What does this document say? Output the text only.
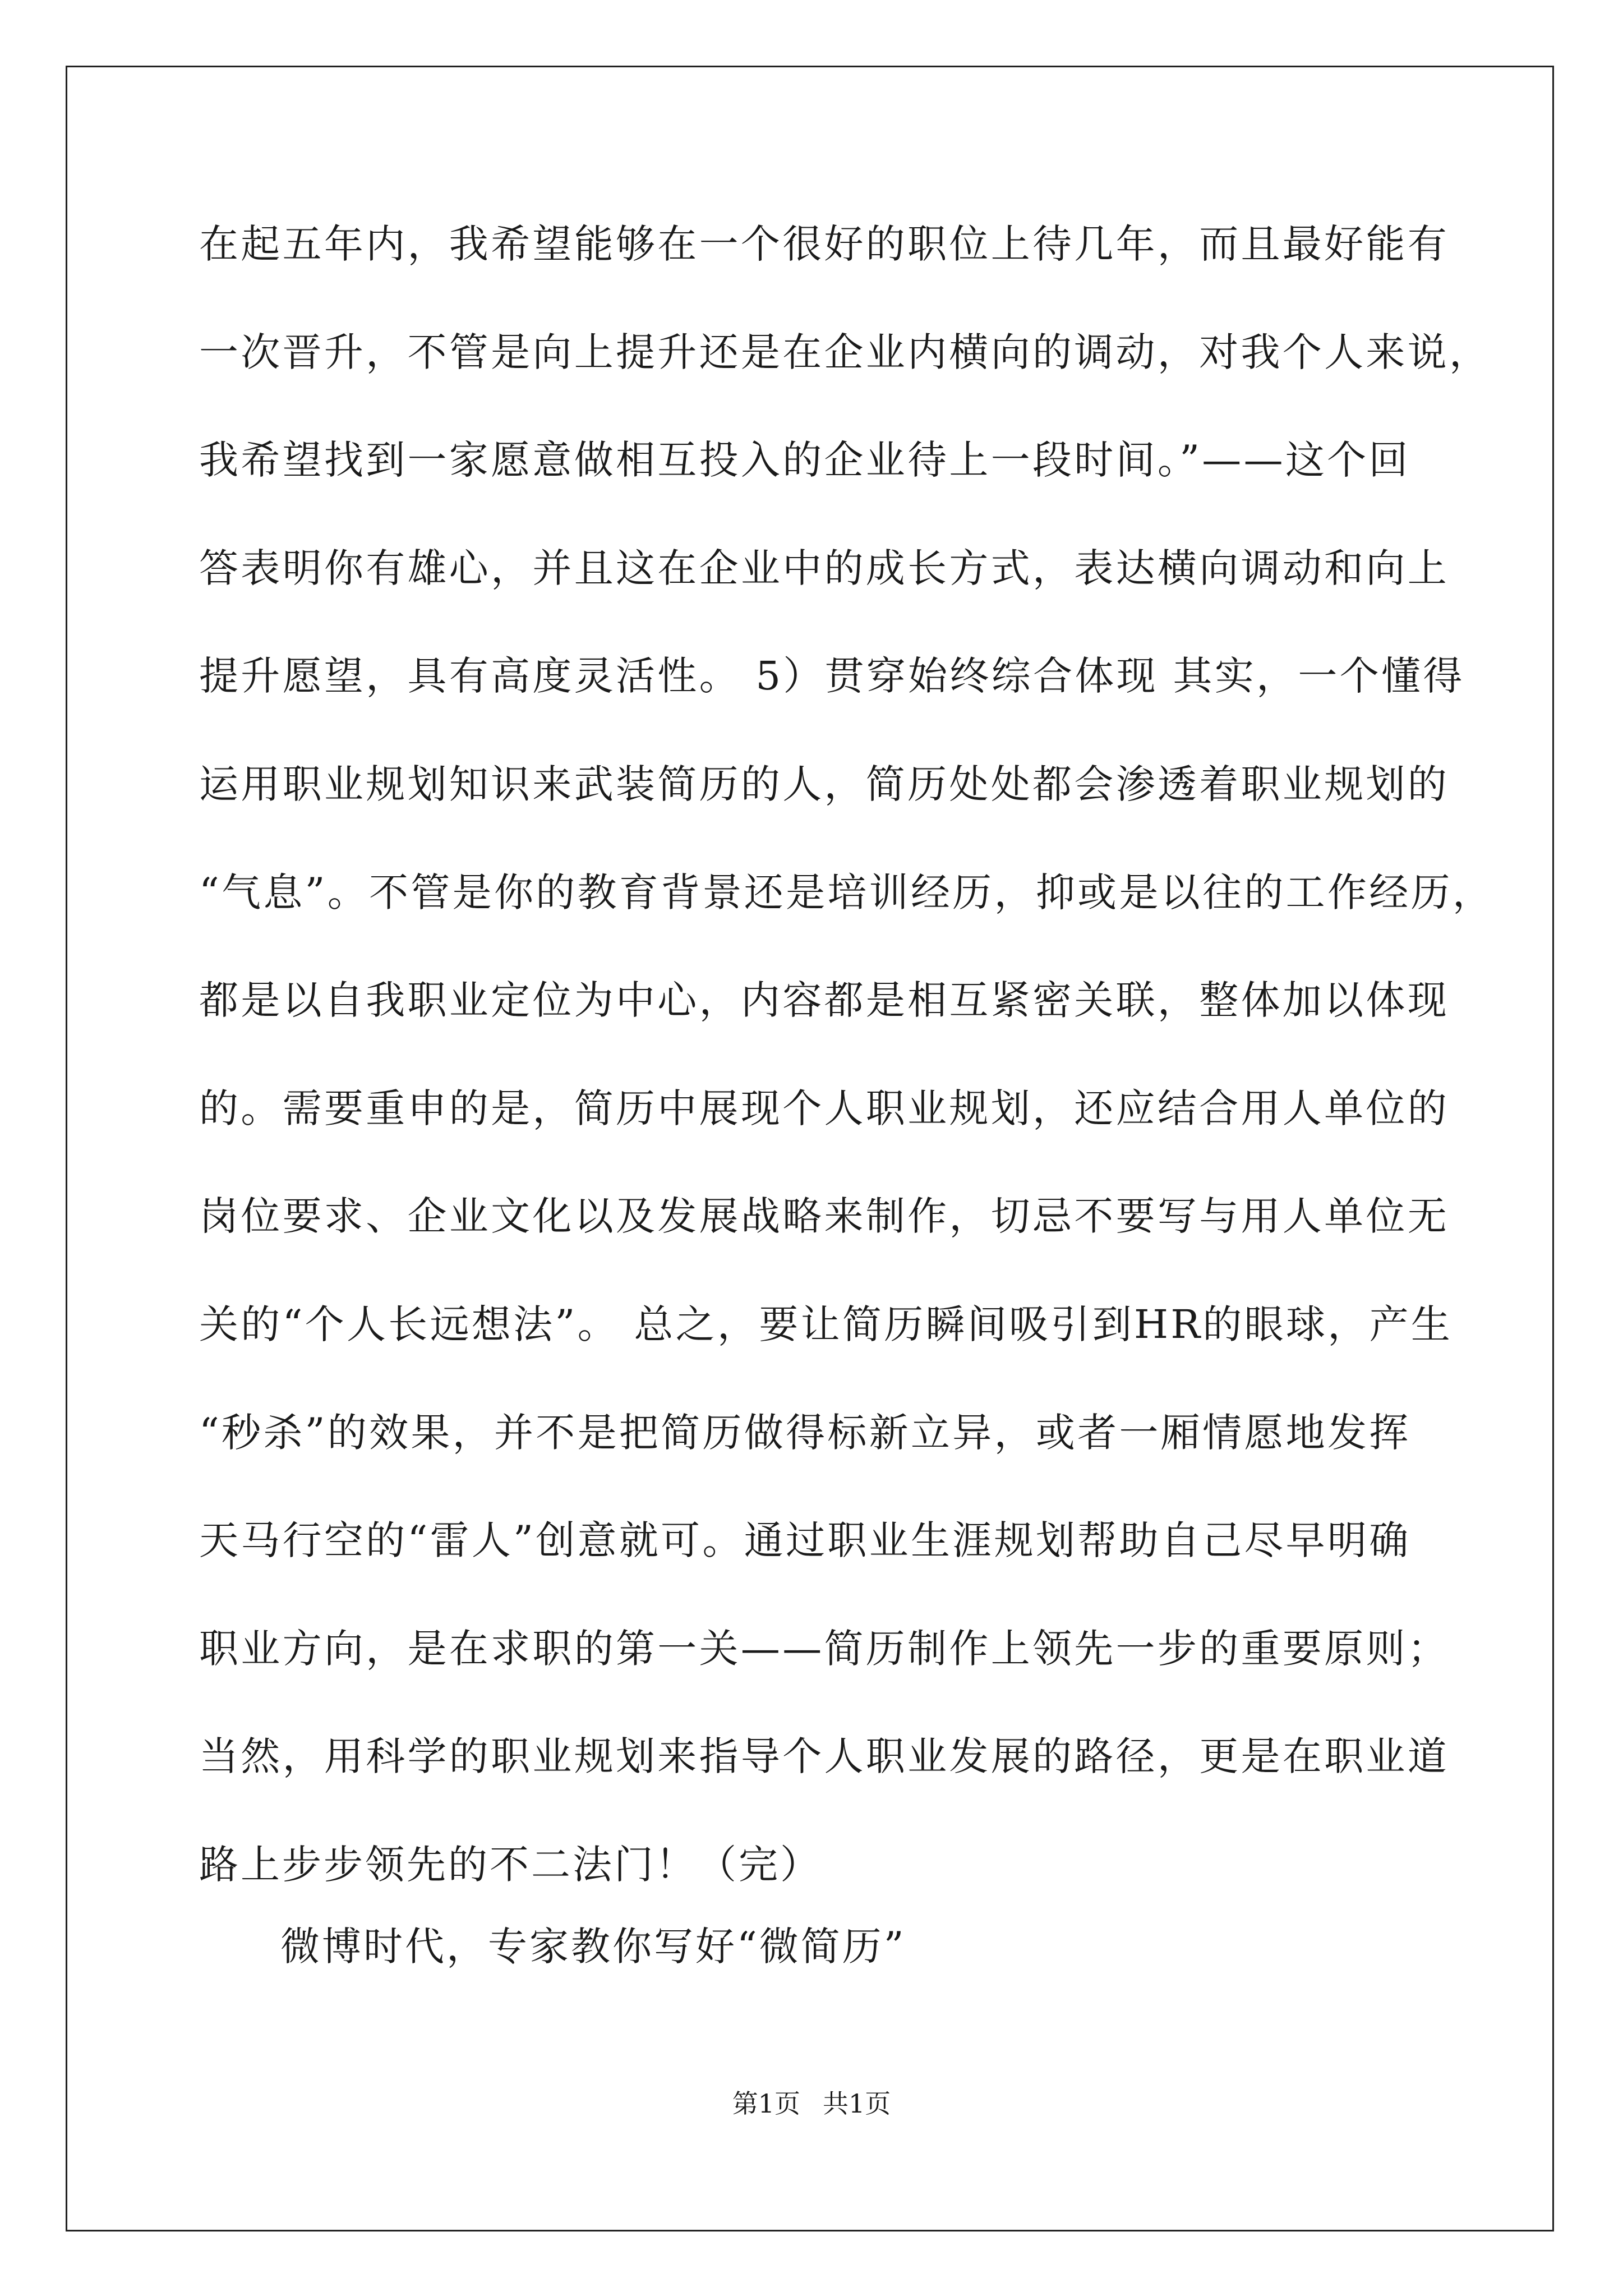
在起五年内，我希望能够在一个很好的职位上待几年，而且最好能有
一次晋升，不管是向上提升还是在企业内横向的调动，对我个人来说，
我希望找到一家愿意做相互投入的企业待上一段时间。”——这个回
答表明你有雄心，并且这在企业中的成长方式，表达横向调动和向上
提升愿望，具有高度灵活性。 5）贯穿始终综合体现 其实，一个懂得
运用职业规划知识来武装简历的人，简历处处都会渗透着职业规划的
“气息”。不管是你的教育背景还是培训经历，抑或是以往的工作经历，
都是以自我职业定位为中心，内容都是相互紧密关联，整体加以体现
的。需要重申的是，简历中展现个人职业规划，还应结合用人单位的
岗位要求、企业文化以及发展战略来制作，切忌不要写与用人单位无
关的“个人长远想法”。 总之，要让简历瞬间吸引到HR的眼球，产生
“秒杀”的效果，并不是把简历做得标新立异，或者一厢情愿地发挥
天马行空的“雷人”创意就可。通过职业生涯规划帮助自己尽早明确
职业方向，是在求职的第一关——简历制作上领先一步的重要原则；
当然，用科学的职业规划来指导个人职业发展的路径，更是在职业道
路上步步领先的不二法门！（完）
微博时代，专家教你写好“微简历”
第1页 共1页
